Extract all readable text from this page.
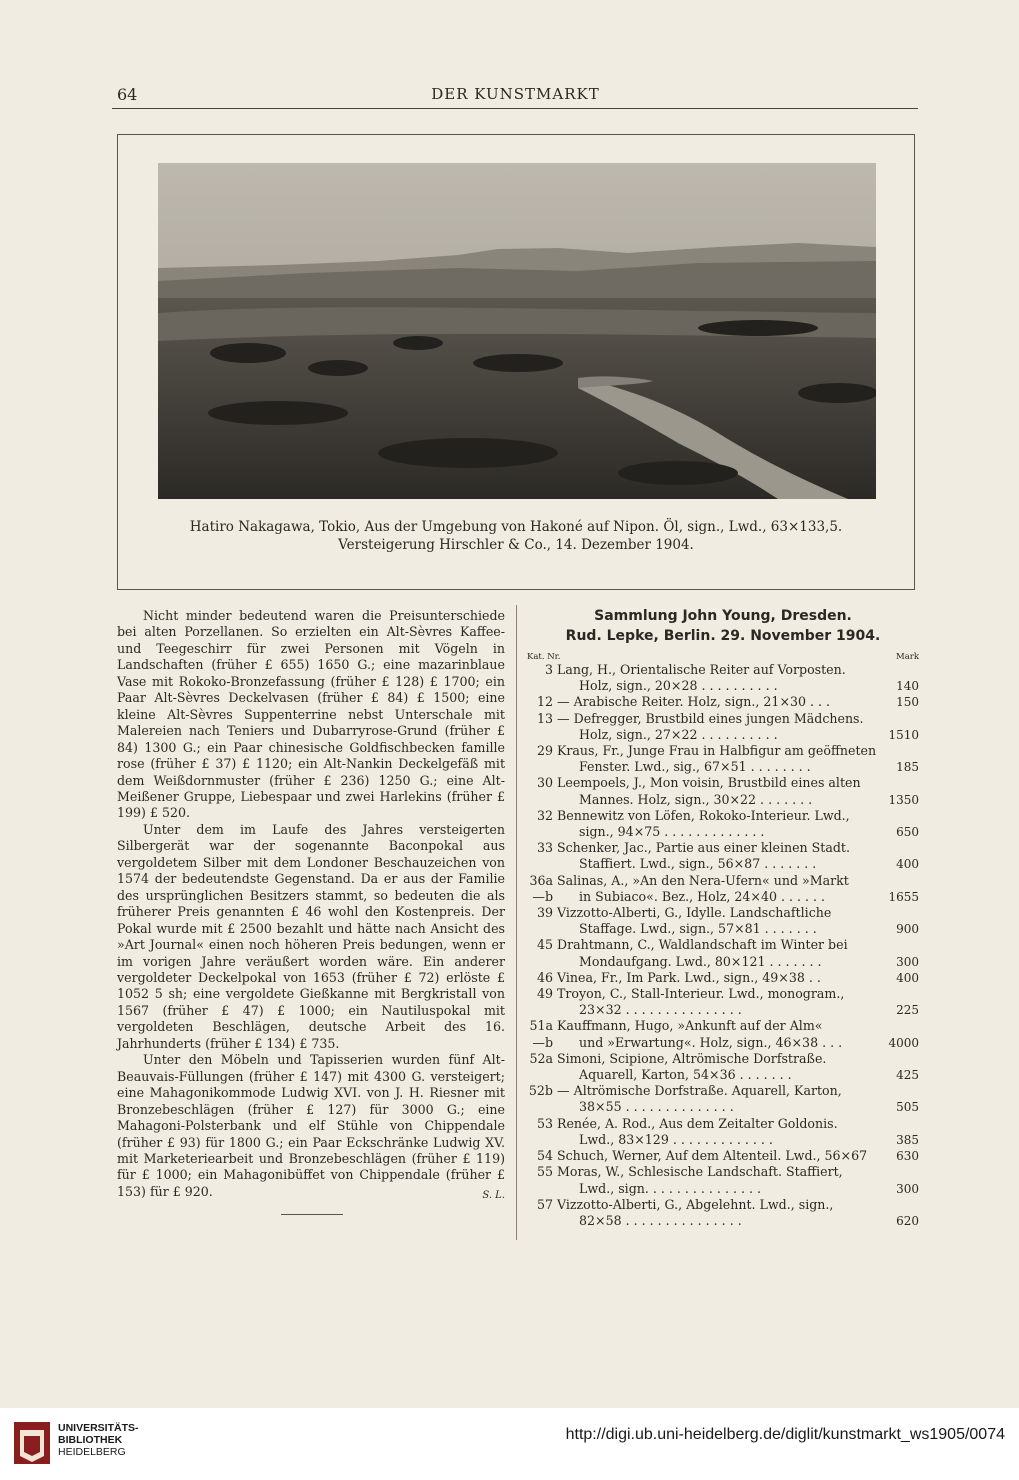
64	DER KUNSTMARKT
Hatiro Nakagawa, Tokio, Aus der Umgebung von Hakoné auf Nipon. Öl, sign., Lwd., 63×133,5.
Versteigerung Hirschler & Co., 14. Dezember 1904.

Nicht minder bedeutend waren die Preisunterschiede bei alten Porzellanen. So erzielten ein Alt-Sèvres Kaffee- und Teegeschirr für zwei Personen mit Vögeln in Landschaften (früher £ 655) 1650 G.; eine mazarinblaue Vase mit Rokoko-Bronzefassung (früher £ 128) £ 1700; ein Paar Alt-Sèvres Deckelvasen (früher £ 84) £ 1500; eine kleine Alt-Sèvres Suppenterrine nebst Unterschale mit Malereien nach Teniers und Dubarryrose-Grund (früher £ 84) 1300 G.; ein Paar chinesische Goldfischbecken famille rose (früher £ 37) £ 1120; ein Alt-Nankin Deckelgefäß mit dem Weißdornmuster (früher £ 236) 1250 G.; eine Alt-Meißener Gruppe, Liebespaar und zwei Harlekins (früher £ 199) £ 520.

Unter dem im Laufe des Jahres versteigerten Silbergerät war der sogenannte Baconpokal aus vergoldetem Silber mit dem Londoner Beschauzeichen von 1574 der bedeutendste Gegenstand. Da er aus der Familie des ursprünglichen Besitzers stammt, so bedeuten die als früherer Preis genannten £ 46 wohl den Kostenpreis. Der Pokal wurde mit £ 2500 bezahlt und hätte nach Ansicht des »Art Journal« einen noch höheren Preis bedungen, wenn er im vorigen Jahre veräußert worden wäre. Ein anderer vergoldeter Deckelpokal von 1653 (früher £ 72) erlöste £ 1052 5 sh; eine vergoldete Gießkanne mit Bergkristall von 1567 (früher £ 47) £ 1000; ein Nautiluspokal mit vergoldeten Beschlägen, deutsche Arbeit des 16. Jahrhunderts (früher £ 134) £ 735.

Unter den Möbeln und Tapisserien wurden fünf Alt-Beauvais-Füllungen (früher £ 147) mit 4300 G. versteigert; eine Mahagonikommode Ludwig XVI. von J. H. Riesner mit Bronzebeschlägen (früher £ 127) für 3000 G.; eine Mahagoni-Polsterbank und elf Stühle von Chippendale (früher £ 93) für 1800 G.; ein Paar Eckschränke Ludwig XV. mit Marketeriearbeit und Bronzebeschlägen (früher £ 119) für £ 1000; ein Mahagonibüffet von Chippendale (früher £ 153) für £ 920.	S. L.

Sammlung John Young, Dresden.
Rud. Lepke, Berlin. 29. November 1904.
Kat. Nr.	Mark
3 Lang, H., Orientalische Reiter auf Vorposten.
Holz, sign., 20×28 . . . . . . . . . .	140
12 — Arabische Reiter. Holz, sign., 21×30 . . .	150
13 — Defregger, Brustbild eines jungen Mädchens.
Holz, sign., 27×22 . . . . . . . . . .	1510
29 Kraus, Fr., Junge Frau in Halbfigur am geöffneten
Fenster. Lwd., sig., 67×51 . . . . . . . .	185
30 Leempoels, J., Mon voisin, Brustbild eines alten
Mannes. Holz, sign., 30×22 . . . . . . .	1350
32 Bennewitz von Löfen, Rokoko-Interieur. Lwd.,
sign., 94×75 . . . . . . . . . . . . .	650
33 Schenker, Jac., Partie aus einer kleinen Stadt.
Staffiert. Lwd., sign., 56×87 . . . . . . .	400
36a—b
Salinas, A., »An den Nera-Ufern« und »Markt
in Subiaco«. Bez., Holz, 24×40 . . . . . .	1655
39 Vizzotto-Alberti, G., Idylle. Landschaftliche
Staffage. Lwd., sign., 57×81 . . . . . . .	900
45 Drahtmann, C., Waldlandschaft im Winter bei
Mondaufgang. Lwd., 80×121 . . . . . . .	300
46 Vinea, Fr., Im Park. Lwd., sign., 49×38 . .	400
49 Troyon, C., Stall-Interieur. Lwd., monogram.,
23×32 . . . . . . . . . . . . . . .	225
51a—b
Kauffmann, Hugo, »Ankunft auf der Alm«
und »Erwartung«. Holz, sign., 46×38 . . .	4000
52a Simoni, Scipione, Altrömische Dorfstraße.
Aquarell, Karton, 54×36 . . . . . . .	425
52b — Altrömische Dorfstraße. Aquarell, Karton,
38×55 . . . . . . . . . . . . . .	505
53 Renée, A. Rod., Aus dem Zeitalter Goldonis.
Lwd., 83×129 . . . . . . . . . . . . .	385
54 Schuch, Werner, Auf dem Altenteil. Lwd., 56×67	630
55 Moras, W., Schlesische Landschaft. Staffiert,
Lwd., sign. . . . . . . . . . . . . . .	300
57 Vizzotto-Alberti, G., Abgelehnt. Lwd., sign.,
82×58 . . . . . . . . . . . . . . .	620
UNIVERSITÄTS-
BIBLIOTHEK
HEIDELBERG
http://digi.ub.uni-heidelberg.de/diglit/kunstmarkt_ws1905/0074
